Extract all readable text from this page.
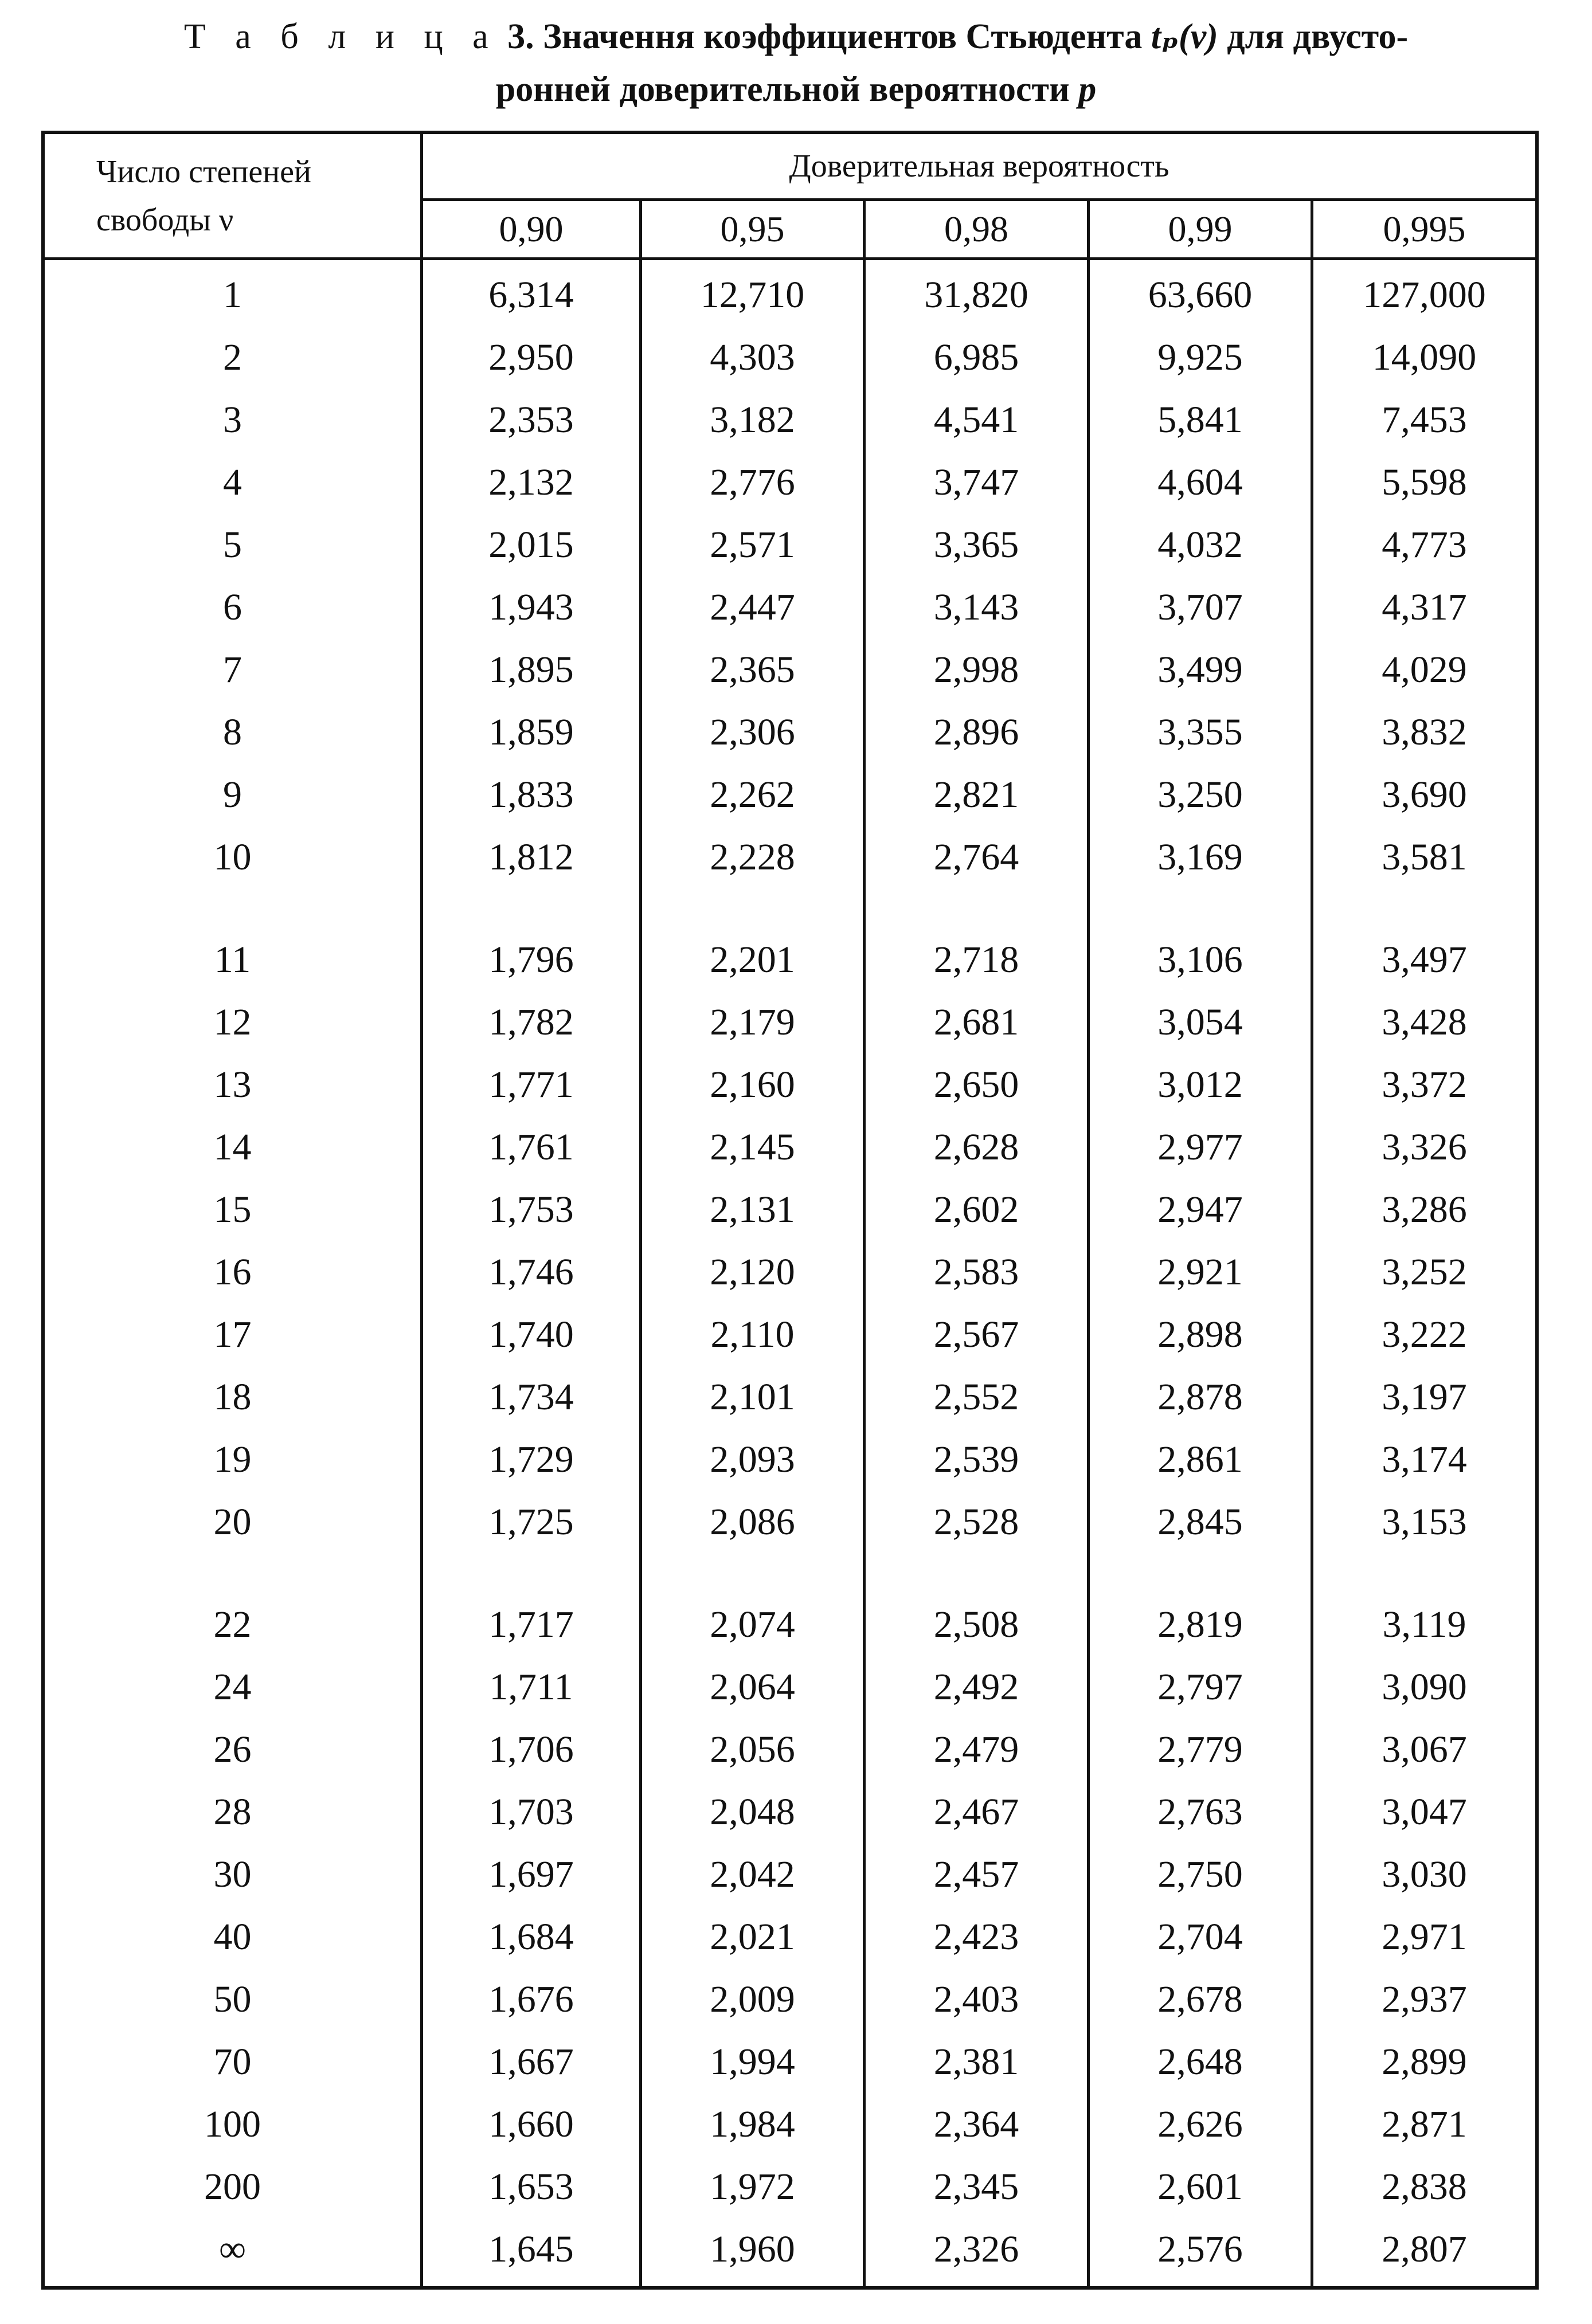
Т а б л и ц а 3. Значення коэффициентов Стьюдента tₚ(ν) для двусто-
ронней доверительной вероятности p
Число степеней
свободы ν
Доверительная вероятность
0,90	0,95	0,98	0,99	0,995
1	6,314	12,710	31,820	63,660	127,000
2	2,950	4,303	6,985	9,925	14,090
3	2,353	3,182	4,541	5,841	7,453
4	2,132	2,776	3,747	4,604	5,598
5	2,015	2,571	3,365	4,032	4,773
6	1,943	2,447	3,143	3,707	4,317
7	1,895	2,365	2,998	3,499	4,029
8	1,859	2,306	2,896	3,355	3,832
9	1,833	2,262	2,821	3,250	3,690
10	1,812	2,228	2,764	3,169	3,581
11	1,796	2,201	2,718	3,106	3,497
12	1,782	2,179	2,681	3,054	3,428
13	1,771	2,160	2,650	3,012	3,372
14	1,761	2,145	2,628	2,977	3,326
15	1,753	2,131	2,602	2,947	3,286
16	1,746	2,120	2,583	2,921	3,252
17	1,740	2,110	2,567	2,898	3,222
18	1,734	2,101	2,552	2,878	3,197
19	1,729	2,093	2,539	2,861	3,174
20	1,725	2,086	2,528	2,845	3,153
22	1,717	2,074	2,508	2,819	3,119
24	1,711	2,064	2,492	2,797	3,090
26	1,706	2,056	2,479	2,779	3,067
28	1,703	2,048	2,467	2,763	3,047
30	1,697	2,042	2,457	2,750	3,030
40	1,684	2,021	2,423	2,704	2,971
50	1,676	2,009	2,403	2,678	2,937
70	1,667	1,994	2,381	2,648	2,899
100	1,660	1,984	2,364	2,626	2,871
200	1,653	1,972	2,345	2,601	2,838
∞	1,645	1,960	2,326	2,576	2,807
